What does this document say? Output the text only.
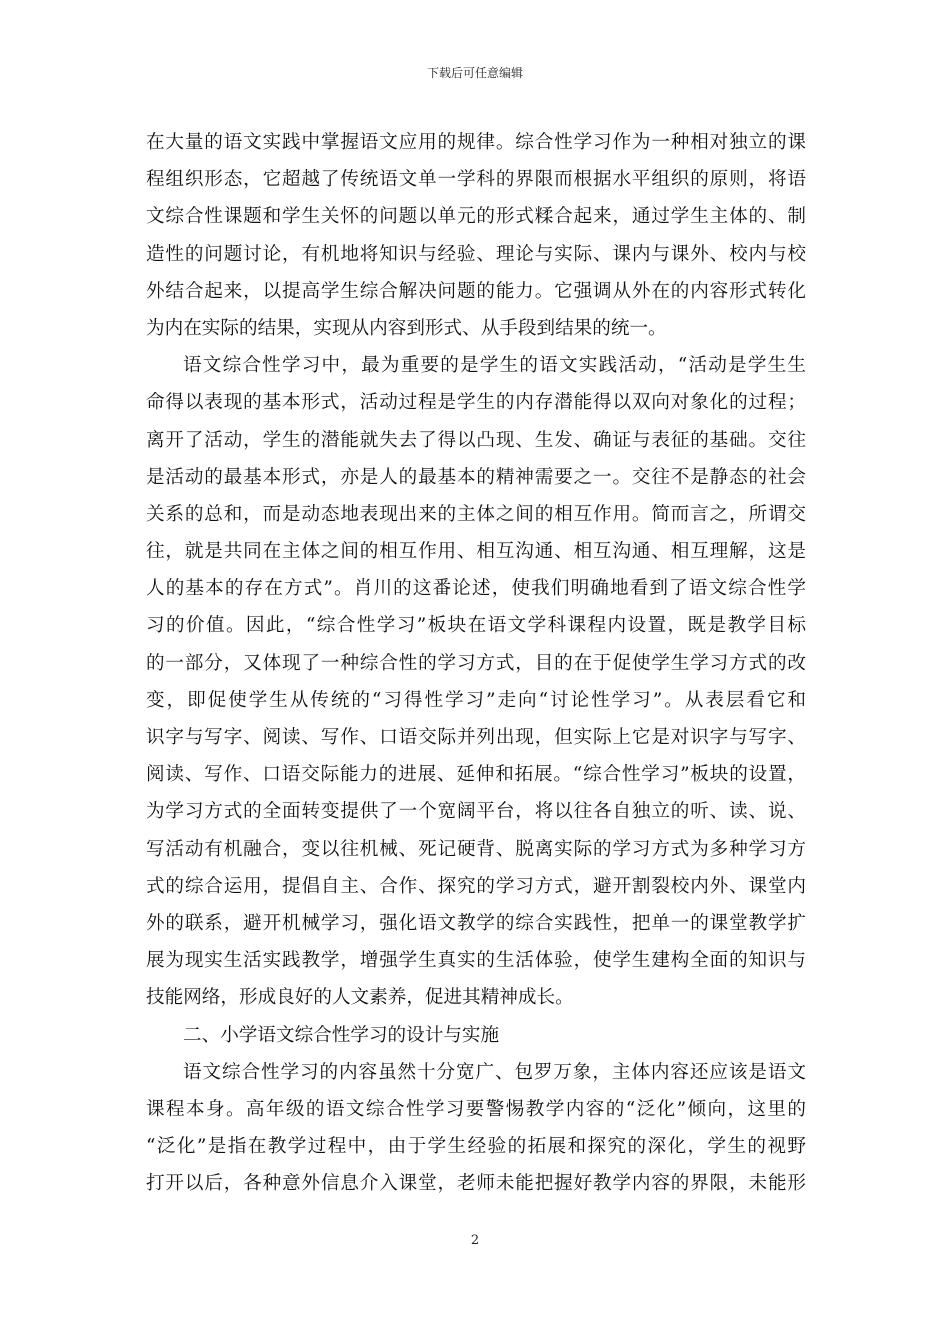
下载后可任意编辑
在大量的语文实践中掌握语文应用的规律。综合性学习作为一种相对独立的课
程组织形态，它超越了传统语文单一学科的界限而根据水平组织的原则，将语
文综合性课题和学生关怀的问题以单元的形式糅合起来，通过学生主体的、制
造性的问题讨论，有机地将知识与经验、理论与实际、课内与课外、校内与校
外结合起来，以提高学生综合解决问题的能力。它强调从外在的内容形式转化
为内在实际的结果，实现从内容到形式、从手段到结果的统一。
语文综合性学习中，最为重要的是学生的语文实践活动，“活动是学生生
命得以表现的基本形式，活动过程是学生的内存潜能得以双向对象化的过程；
离开了活动，学生的潜能就失去了得以凸现、生发、确证与表征的基础。交往
是活动的最基本形式，亦是人的最基本的精神需要之一。交往不是静态的社会
关系的总和，而是动态地表现出来的主体之间的相互作用。简而言之，所谓交
往，就是共同在主体之间的相互作用、相互沟通、相互沟通、相互理解，这是
人的基本的存在方式”。肖川的这番论述，使我们明确地看到了语文综合性学
习的价值。因此，“综合性学习”板块在语文学科课程内设置，既是教学目标
的一部分，又体现了一种综合性的学习方式，目的在于促使学生学习方式的改
变，即促使学生从传统的“习得性学习”走向“讨论性学习”。从表层看它和
识字与写字、阅读、写作、口语交际并列出现，但实际上它是对识字与写字、
阅读、写作、口语交际能力的进展、延伸和拓展。“综合性学习”板块的设置，
为学习方式的全面转变提供了一个宽阔平台，将以往各自独立的听、读、说、
写活动有机融合，变以往机械、死记硬背、脱离实际的学习方式为多种学习方
式的综合运用，提倡自主、合作、探究的学习方式，避开割裂校内外、课堂内
外的联系，避开机械学习，强化语文教学的综合实践性，把单一的课堂教学扩
展为现实生活实践教学，增强学生真实的生活体验，使学生建构全面的知识与
技能网络，形成良好的人文素养，促进其精神成长。
二、小学语文综合性学习的设计与实施
语文综合性学习的内容虽然十分宽广、包罗万象，主体内容还应该是语文
课程本身。高年级的语文综合性学习要警惕教学内容的“泛化”倾向，这里的
“泛化”是指在教学过程中，由于学生经验的拓展和探究的深化，学生的视野
打开以后，各种意外信息介入课堂，老师未能把握好教学内容的界限，未能形
2
